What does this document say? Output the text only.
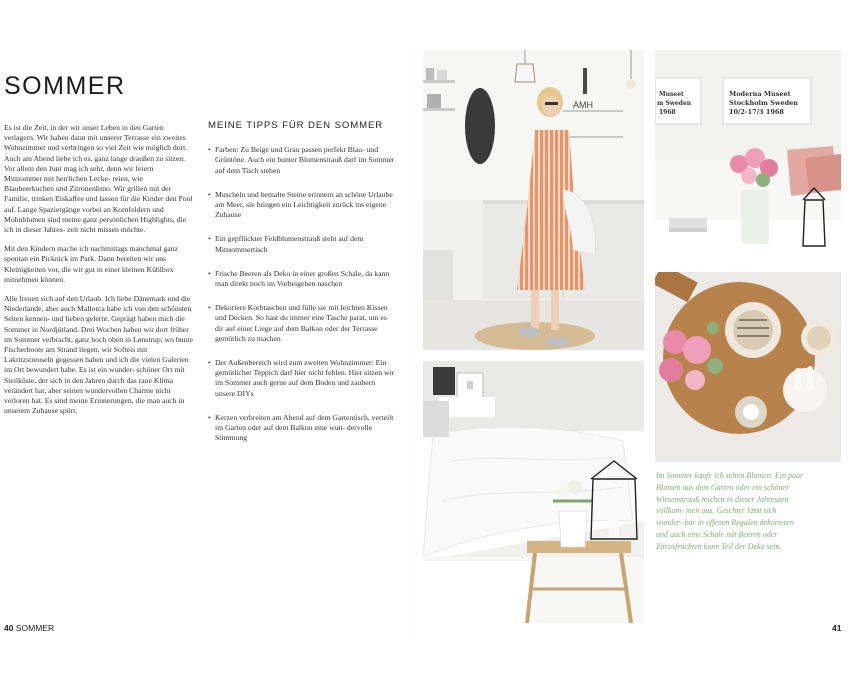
SOMMER

Es ist die Zeit, in der wir unser Leben in den Garten verlagern. Wir haben dann mit unserer Terrasse ein zweites Wohnzimmer und verbringen so viel Zeit wie möglich dort. Auch am Abend liebe ich es, ganz lange draußen zu sitzen. Vor allem den Juni mag ich sehr, denn wir feiern Mittsommer mit herrlichen Lecke- reien, wie Blaubeerkuchen und Zitronenlimo. Wir grillen mit der Familie, trinken Eiskaffee und lassen für die Kinder den Pool auf. Lange Spaziergänge vorbei an Kornfeldern und Mohnblumen sind meine ganz persönlichen Highlights, die ich in dieser Jahres- zeit nicht missen möchte.

Mit den Kindern mache ich nachmittags manchmal ganz spontan ein Picknick im Park. Dann bereiten wir uns Kleinigkeiten vor, die wir gut in einer kleinen Kühlbox mitnehmen können.

Alle freuen sich auf den Urlaub. Ich liebe Dänemark und die Niederlande, aber auch Mallorca habe ich von den schönsten Seiten kennen- und lieben gelernt. Geprägt haben mich die Sommer in Nordjütland. Drei Wochen haben wir dort früher im Sommer verbracht, ganz hoch oben in Lønstrup, wo bunte Fischerboote am Strand liegen, wir Softeis mit Lakritzstreuseln gegessen haben und ich die vielen Galerien im Ort bewundert habe. Es ist ein wunder- schöner Ort mit Steilküste, der sich in den Jahren durch das raue Klima verändert hat, aber seinen wundervollen Charme nicht verloren hat. Es sind meine Erinnerungen, die man auch in unserem Zuhause spürt.

MEINE TIPPS FÜR DEN SOMMER
• Farben: Zu Beige und Grau passen perfekt Blau- und Grüntöne. Auch ein bunter Blumenstrauß darf im Sommer auf dem Tisch stehen
• Muscheln und bemalte Steine erinnern an schöne Urlaube am Meer, sie bringen ein Leichtigkeit zurück ins eigene Zuhause
• Ein gepflückter Feldblumenstrauß steht auf dem Mittsommertisch
• Frische Beeren als Deko in einer großen Schale, da kann man direkt noch im Vorbeigehen naschen
• Dekoriere Korbtaschen und fülle sie mit leichten Kissen und Decken. So hast du immer eine Tasche parat, um es dir auf einer Liege auf dem Balkon oder der Terrasse gemütlich zu machen
• Der Außenbereich wird zum zweiten Wohnzimmer: Ein gemütlicher Teppich darf hier nicht fehlen. Hier sitzen wir im Sommer auch gerne auf dem Boden und zaubern unsere DIYs
• Kerzen verbreiten am Abend auf dem Gartentisch, verteilt im Garten oder auf dem Balkon eine wun- dervolle Stimmung
40 SOMMER
AMH
Museet
m Sweden
1968
Moderna Museet
Stockholm Sweden
10/2-17/3 1968
Im Sommer kaufe ich selten Blumen. Ein paar Blumen aus dem Garten oder ein schöner Wiesenstrauß reichen in dieser Jahreszeit vollkom- men aus. Geschirr lässt sich wunder- bar in offenen Regalen dekorieren und auch eine Schale mit Beeren oder Zitrusfrüchten kann Teil der Deko sein.
41
